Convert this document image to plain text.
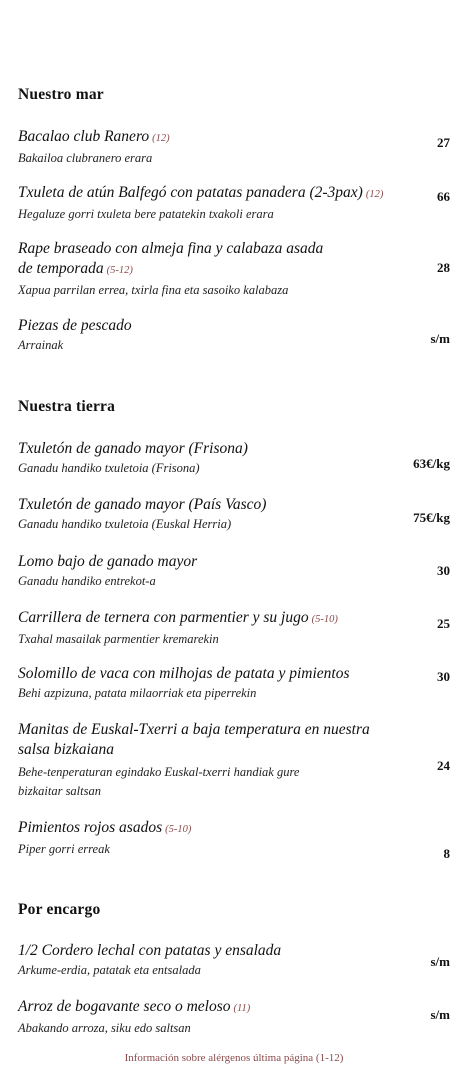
Nuestro mar
Bacalao club Ranero (12)
Bakailoa clubranero erara
27
Txuleta de atún Balfegó con patatas panadera (2-3pax) (12)
Hegaluze gorri txuleta bere patatekin txakoli erara
66
Rape braseado con almeja fina y calabaza asada
de temporada (5-12)
Xapua parrilan errea, txirla fina eta sasoiko kalabaza
28
Piezas de pescado
Arrainak	s/m
Nuestra tierra
Txuletón de ganado mayor (Frisona)
Ganadu handiko txuletoia (Frisona)	63€/kg
Txuletón de ganado mayor (País Vasco)
Ganadu handiko txuletoia (Euskal Herria)	75€/kg
Lomo bajo de ganado mayor
Ganadu handiko entrekot-a
30
Carrillera de ternera con parmentier y su jugo (5-10)
Txahal masailak parmentier kremarekin
25
Solomillo de vaca con milhojas de patata y pimientos
Behi azpizuna, patata milaorriak eta piperrekin
30
Manitas de Euskal-Txerri a baja temperatura en nuestra
salsa bizkaiana
Behe-tenperaturan egindako Euskal-txerri handiak gure
bizkaitar saltsan
24
Pimientos rojos asados (5-10)
Piper gorri erreak	8
Por encargo
1/2 Cordero lechal con patatas y ensalada
Arkume-erdia, patatak eta entsalada
s/m
Arroz de bogavante seco o meloso (11)
Abakando arroza, siku edo saltsan
s/m
Información sobre alérgenos última página (1-12)
